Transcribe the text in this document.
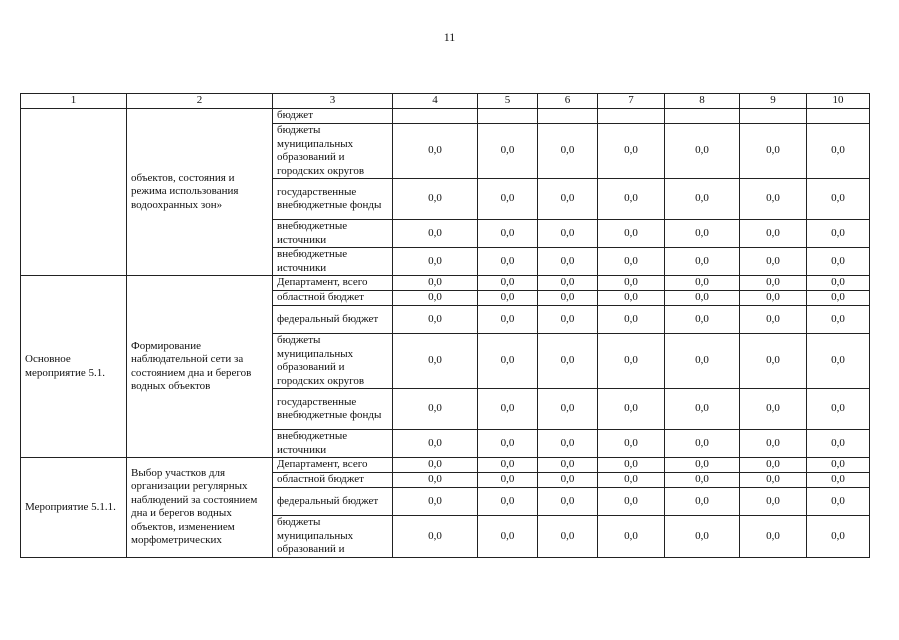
11
1	2	3	4	5	6	7	8	9	10
	объектов, состояния и режима использования водоохранных зон»	бюджет							
		бюджеты муниципальных образований и городских округов	0,0	0,0	0,0	0,0	0,0	0,0	0,0
		государственные внебюджетные фонды	0,0	0,0	0,0	0,0	0,0	0,0	0,0
		внебюджетные источники	0,0	0,0	0,0	0,0	0,0	0,0	0,0
		внебюджетные источники	0,0	0,0	0,0	0,0	0,0	0,0	0,0
Основное мероприятие 5.1.	Формирование наблюдательной сети за состоянием дна и берегов водных объектов	Департамент, всего	0,0	0,0	0,0	0,0	0,0	0,0	0,0
		областной бюджет	0,0	0,0	0,0	0,0	0,0	0,0	0,0
		федеральный бюджет	0,0	0,0	0,0	0,0	0,0	0,0	0,0
		бюджеты муниципальных образований и городских округов	0,0	0,0	0,0	0,0	0,0	0,0	0,0
		государственные внебюджетные фонды	0,0	0,0	0,0	0,0	0,0	0,0	0,0
		внебюджетные источники	0,0	0,0	0,0	0,0	0,0	0,0	0,0
Мероприятие 5.1.1.	Выбор участков для организации регулярных наблюдений за состоянием дна и берегов водных объектов, изменением морфометрических	Департамент, всего	0,0	0,0	0,0	0,0	0,0	0,0	0,0
		областной бюджет	0,0	0,0	0,0	0,0	0,0	0,0	0,0
		федеральный бюджет	0,0	0,0	0,0	0,0	0,0	0,0	0,0
		бюджеты муниципальных образований и	0,0	0,0	0,0	0,0	0,0	0,0	0,0
